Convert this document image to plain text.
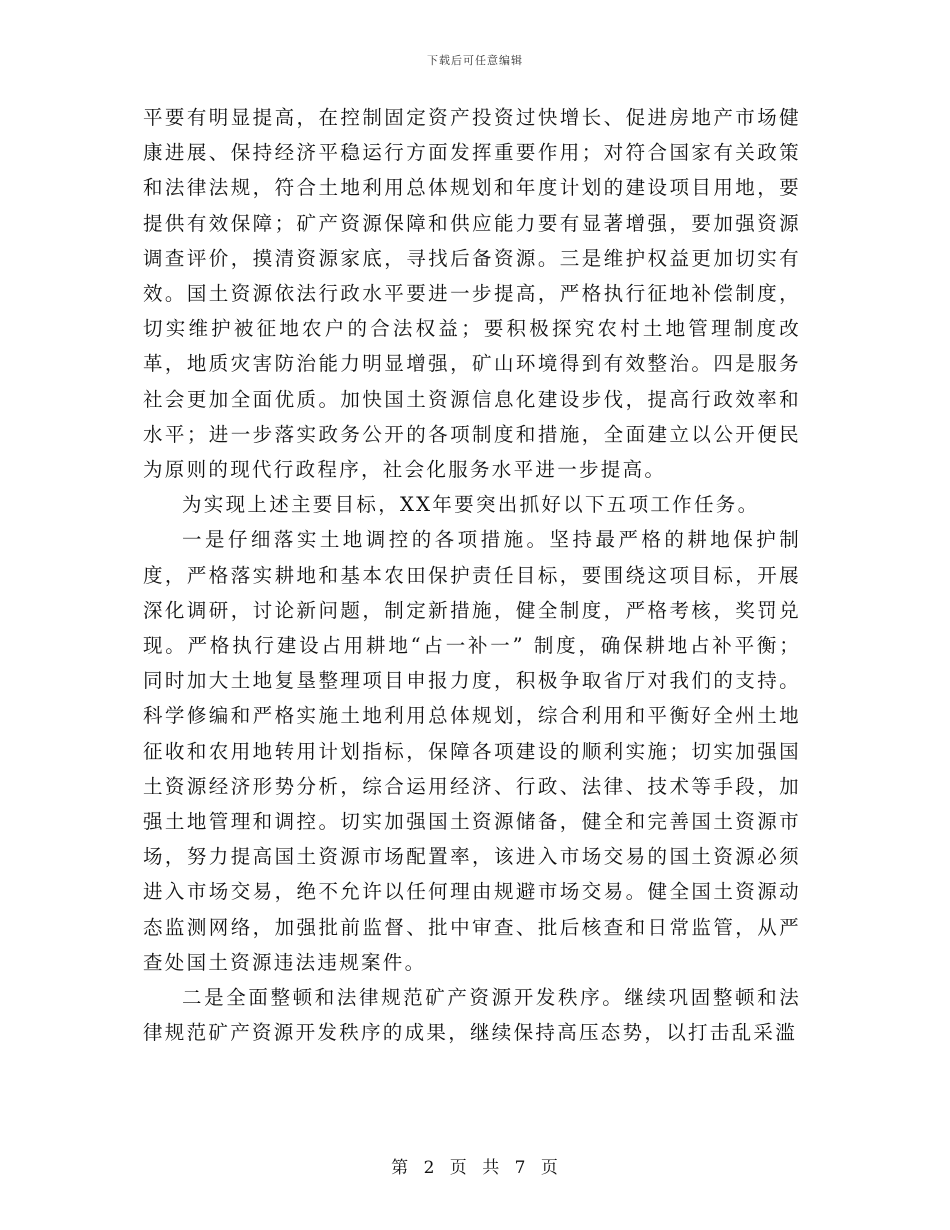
下载后可任意编辑

平要有明显提高，在控制固定资产投资过快增长、促进房地产市场健康进展、保持经济平稳运行方面发挥重要作用；对符合国家有关政策和法律法规，符合土地利用总体规划和年度计划的建设项目用地，要提供有效保障；矿产资源保障和供应能力要有显著增强，要加强资源调查评价，摸清资源家底，寻找后备资源。三是维护权益更加切实有效。国土资源依法行政水平要进一步提高，严格执行征地补偿制度，切实维护被征地农户的合法权益；要积极探究农村土地管理制度改革，地质灾害防治能力明显增强，矿山环境得到有效整治。四是服务社会更加全面优质。加快国土资源信息化建设步伐，提高行政效率和水平；进一步落实政务公开的各项制度和措施，全面建立以公开便民为原则的现代行政程序，社会化服务水平进一步提高。

为实现上述主要目标，XX年要突出抓好以下五项工作任务。

一是仔细落实土地调控的各项措施。坚持最严格的耕地保护制度，严格落实耕地和基本农田保护责任目标，要围绕这项目标，开展深化调研，讨论新问题，制定新措施，健全制度，严格考核，奖罚兑现。严格执行建设占用耕地“占一补一” 制度，确保耕地占补平衡；同时加大土地复垦整理项目申报力度，积极争取省厅对我们的支持。科学修编和严格实施土地利用总体规划，综合利用和平衡好全州土地征收和农用地转用计划指标，保障各项建设的顺利实施；切实加强国土资源经济形势分析，综合运用经济、行政、法律、技术等手段，加强土地管理和调控。切实加强国土资源储备，健全和完善国土资源市场，努力提高国土资源市场配置率，该进入市场交易的国土资源必须进入市场交易，绝不允许以任何理由规避市场交易。健全国土资源动态监测网络，加强批前监督、批中审查、批后核查和日常监管，从严查处国土资源违法违规案件。

二是全面整顿和法律规范矿产资源开发秩序。继续巩固整顿和法律规范矿产资源开发秩序的成果，继续保持高压态势，以打击乱采滥

第 2 页 共 7 页
